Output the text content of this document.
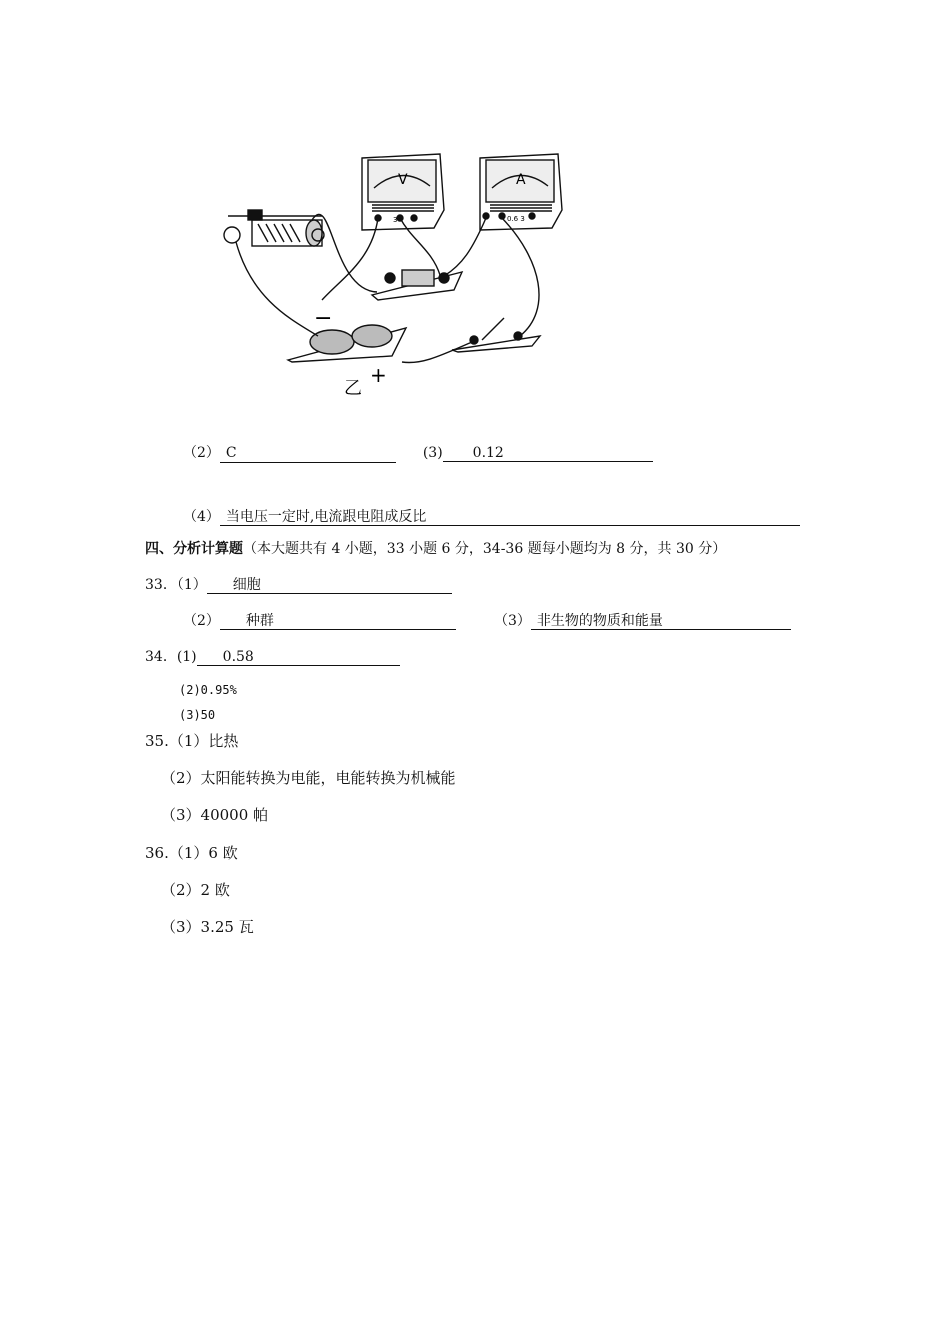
V	A
3	0.6 3
−
+
乙
（2） C	(3) 0.12
（4） 当电压一定时,电流跟电阻成反比
四、分析计算题（本大题共有 4 小题，33 小题 6 分，34-36 题每小题均为 8 分，共 30 分）
33．（1） 细胞
（2） 种群	（3） 非生物的物质和能量
34．(1) 0.58
(2)0.95%
(3)50
35.（1）比热
（2）太阳能转换为电能，电能转换为机械能
（3）40000 帕
36.（1）6 欧
（2）2 欧
（3）3.25 瓦
